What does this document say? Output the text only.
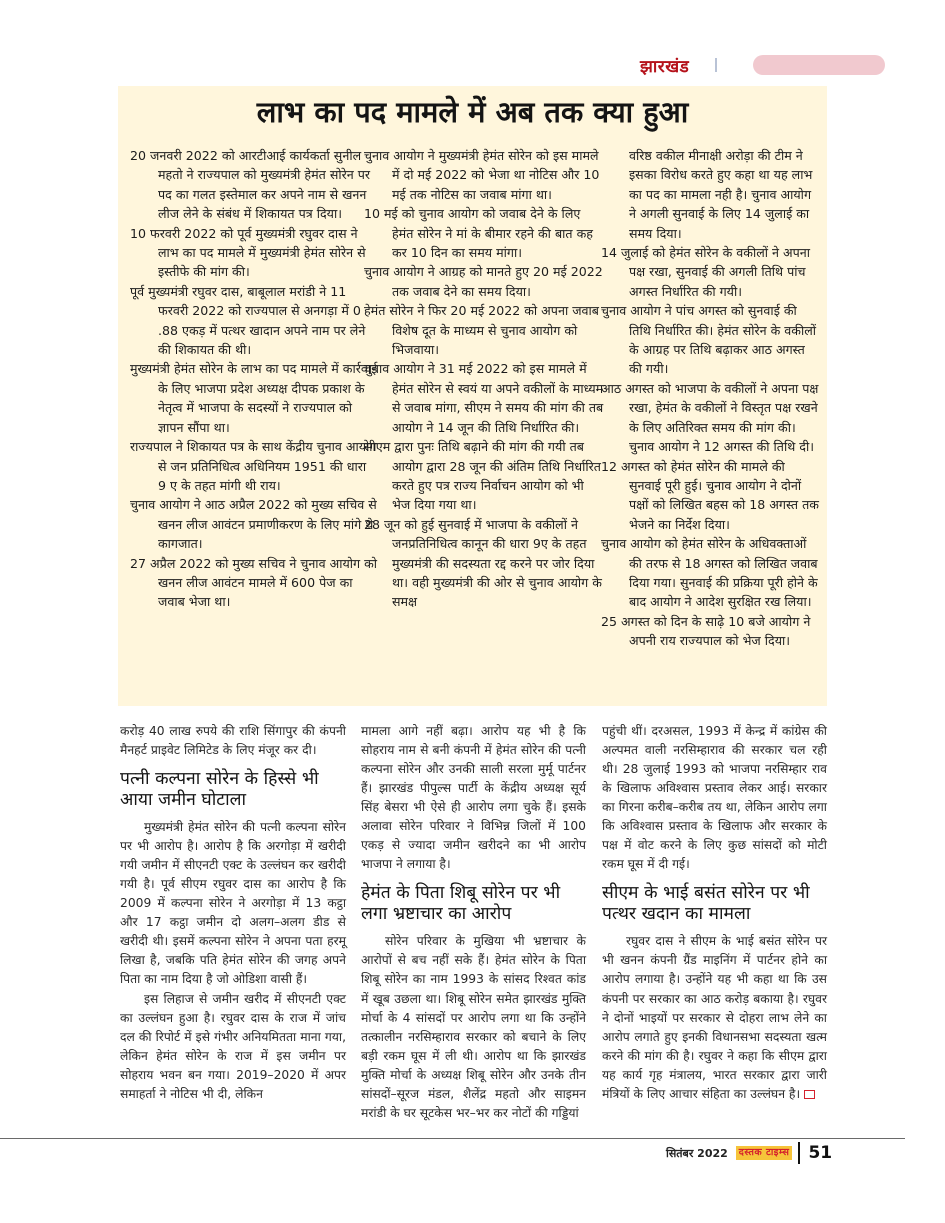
झारखंड
लाभ का पद मामले में अब तक क्या हुआ

20 जनवरी 2022 को आरटीआई कार्यकर्ता सुनील महतो ने राज्यपाल को मुख्यमंत्री हेमंत सोरेन पर पद का गलत इस्तेमाल कर अपने नाम से खनन लीज लेने के संबंध में शिकायत पत्र दिया।

10 फरवरी 2022 को पूर्व मुख्यमंत्री रघुवर दास ने लाभ का पद मामले में मुख्यमंत्री हेमंत सोरेन से इस्तीफे की मांग की।

पूर्व मुख्यमंत्री रघुवर दास, बाबूलाल मरांडी ने 11 फरवरी 2022 को राज्यपाल से अनगड़ा में 0 .88 एकड़ में पत्थर खादान अपने नाम पर लेने की शिकायत की थी।

मुख्यमंत्री हेमंत सोरेन के लाभ का पद मामले में कार्रवाई के लिए भाजपा प्रदेश अध्यक्ष दीपक प्रकाश के नेतृत्व में भाजपा के सदस्यों ने राज्यपाल को ज्ञापन सौंपा था।

राज्यपाल ने शिकायत पत्र के साथ केंद्रीय चुनाव आयोग से जन प्रतिनिधित्व अधिनियम 1951 की धारा 9 ए के तहत मांगी थी राय।

चुनाव आयोग ने आठ अप्रैल 2022 को मुख्य सचिव से खनन लीज आवंटन प्रमाणीकरण के लिए मांगे थे कागजात।

27 अप्रैल 2022 को मुख्य सचिव ने चुनाव आयोग को खनन लीज आवंटन मामले में 600 पेज का जवाब भेजा था।

चुनाव आयोग ने मुख्यमंत्री हेमंत सोरेन को इस मामले में दो मई 2022 को भेजा था नोटिस और 10 मई तक नोटिस का जवाब मांगा था।

10 मई को चुनाव आयोग को जवाब देने के लिए हेमंत सोरेन ने मां के बीमार रहने की बात कह कर 10 दिन का समय मांगा।

चुनाव आयोग ने आग्रह को मानते हुए 20 मई 2022 तक जवाब देने का समय दिया।

हेमंत सोरेन ने फिर 20 मई 2022 को अपना जवाब विशेष दूत के माध्यम से चुनाव आयोग को भिजवाया।

चुनाव आयोग ने 31 मई 2022 को इस मामले में हेमंत सोरेन से स्वयं या अपने वकीलों के माध्यम से जवाब मांगा, सीएम ने समय की मांग की तब आयोग ने 14 जून की तिथि निर्धारित की।

सीएम द्वारा पुनः तिथि बढ़ाने की मांग की गयी तब आयोग द्वारा 28 जून की अंतिम तिथि निर्धारित करते हुए पत्र राज्य निर्वाचन आयोग को भी भेज दिया गया था।

28 जून को हुई सुनवाई में भाजपा के वकीलों ने जनप्रतिनिधित्व कानून की धारा 9ए के तहत मुख्यमंत्री की सदस्यता रद्द करने पर जोर दिया था। वही मुख्यमंत्री की ओर से चुनाव आयोग के समक्ष

वरिष्ठ वकील मीनाक्षी अरोड़ा की टीम ने इसका विरोध करते हुए कहा था यह लाभ का पद का मामला नही है। चुनाव आयोग ने अगली सुनवाई के लिए 14 जुलाई का समय दिया।

14 जुलाई को हेमंत सोरेन के वकीलों ने अपना पक्ष रखा, सुनवाई की अगली तिथि पांच अगस्त निर्धारित की गयी।

चुनाव आयोग ने पांच अगस्त को सुनवाई की तिथि निर्धारित की। हेमंत सोरेन के वकीलों के आग्रह पर तिथि बढ़ाकर आठ अगस्त की गयी।

आठ अगस्त को भाजपा के वकीलों ने अपना पक्ष रखा, हेमंत के वकीलों ने विस्तृत पक्ष रखने के लिए अतिरिक्त समय की मांग की। चुनाव आयोग ने 12 अगस्त की तिथि दी।

12 अगस्त को हेमंत सोरेन की मामले की सुनवाई पूरी हुई। चुनाव आयोग ने दोनों पक्षों को लिखित बहस को 18 अगस्त तक भेजने का निर्देश दिया।

चुनाव आयोग को हेमंत सोरेन के अधिवक्ताओं की तरफ से 18 अगस्त को लिखित जवाब दिया गया। सुनवाई की प्रक्रिया पूरी होने के बाद आयोग ने आदेश सुरक्षित रख लिया।

25 अगस्त को दिन के साढ़े 10 बजे आयोग ने अपनी राय राज्यपाल को भेज दिया।

करोड़ 40 लाख रुपये की राशि सिंगापुर की कंपनी मैनहर्ट प्राइवेट लिमिटेड के लिए मंजूर कर दी।

पत्नी कल्पना सोरेन के हिस्से भी आया जमीन घोटाला

मुख्यमंत्री हेमंत सोरेन की पत्नी कल्पना सोरेन पर भी आरोप है। आरोप है कि अरगोड़ा में खरीदी गयी जमीन में सीएनटी एक्ट के उल्लंघन कर खरीदी गयी है। पूर्व सीएम रघुवर दास का आरोप है कि 2009 में कल्पना सोरेन ने अरगोड़ा में 13 कट्ठा और 17 कट्ठा जमीन दो अलग–अलग डीड से खरीदी थी। इसमें कल्पना सोरेन ने अपना पता हरमू लिखा है, जबकि पति हेमंत सोरेन की जगह अपने पिता का नाम दिया है जो ओडिशा वासी हैं।

इस लिहाज से जमीन खरीद में सीएनटी एक्ट का उल्लंघन हुआ है। रघुवर दास के राज में जांच दल की रिपोर्ट में इसे गंभीर अनियमितता माना गया, लेकिन हेमंत सोरेन के राज में इस जमीन पर सोहराय भवन बन गया। 2019–2020 में अपर समाहर्ता ने नोटिस भी दी, लेकिन

मामला आगे नहीं बढ़ा। आरोप यह भी है कि सोहराय नाम से बनी कंपनी में हेमंत सोरेन की पत्नी कल्पना सोरेन और उनकी साली सरला मुर्मू पार्टनर हैं। झारखंड पीपुल्स पार्टी के केंद्रीय अध्यक्ष सूर्य सिंह बेसरा भी ऐसे ही आरोप लगा चुके हैं। इसके अलावा सोरेन परिवार ने विभिन्न जिलों में 100 एकड़ से ज्यादा जमीन खरीदने का भी आरोप भाजपा ने लगाया है।

हेमंत के पिता शिबू सोरेन पर भी लगा भ्रष्टाचार का आरोप

सोरेन परिवार के मुखिया भी भ्रष्टाचार के आरोपों से बच नहीं सके हैं। हेमंत सोरेन के पिता शिबू सोरेन का नाम 1993 के सांसद रिश्वत कांड में खूब उछला था। शिबू सोरेन समेत झारखंड मुक्ति मोर्चा के 4 सांसदों पर आरोप लगा था कि उन्होंने तत्कालीन नरसिम्हाराव सरकार को बचाने के लिए बड़ी रकम घूस में ली थी। आरोप था कि झारखंड मुक्ति मोर्चा के अध्यक्ष शिबू सोरेन और उनके तीन सांसदों–सूरज मंडल, शैलेंद्र महतो और साइमन मरांडी के घर सूटकेस भर–भर कर नोटों की गड्डियां

पहुंची थीं। दरअसल, 1993 में केन्द्र में कांग्रेस की अल्पमत वाली नरसिम्हाराव की सरकार चल रही थी। 28 जुलाई 1993 को भाजपा नरसिम्हार राव के खिलाफ अविश्वास प्रस्ताव लेकर आई। सरकार का गिरना करीब–करीब तय था, लेकिन आरोप लगा कि अविश्वास प्रस्ताव के खिलाफ और सरकार के पक्ष में वोट करने के लिए कुछ सांसदों को मोटी रकम घूस में दी गई।

सीएम के भाई बसंत सोरेन पर भी पत्थर खदान का मामला

रघुवर दास ने सीएम के भाई बसंत सोरेन पर भी खनन कंपनी ग्रैंड माइनिंग में पार्टनर होने का आरोप लगाया है। उन्होंने यह भी कहा था कि उस कंपनी पर सरकार का आठ करोड़ बकाया है। रघुवर ने दोनों भाइयों पर सरकार से दोहरा लाभ लेने का आरोप लगाते हुए इनकी विधानसभा सदस्यता खत्म करने की मांग की है। रघुवर ने कहा कि सीएम द्वारा यह कार्य गृह मंत्रालय, भारत सरकार द्वारा जारी मंत्रियों के लिए आचार संहिता का उल्लंघन है।

सितंबर 2022	दस्तक टाइम्स 51
